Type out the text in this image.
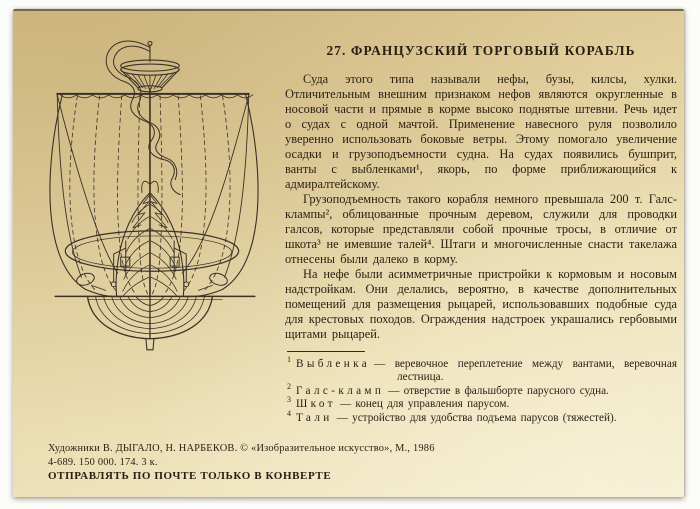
27. ФРАНЦУЗСКИЙ ТОРГОВЫЙ КОРАБЛЬ

Суда этого типа называли нефы, бузы, килсы, хулки. Отличительным внешним признаком нефов являются округленные в носовой части и прямые в корме высоко поднятые штевни. Речь идет о судах с одной мачтой. Применение навесного руля позволило уверенно использовать боковые ветры. Этому помогало увеличение осадки и грузоподъемности судна. На судах появились бушприт, ванты с выбленками¹, якорь, по форме приближающийся к адмиралтейскому.

Грузоподъемность такого корабля немного превышала 200 т. Галс-клампы², облицованные прочным деревом, служили для проводки галсов, которые представляли собой прочные тросы, в отличие от шкота³ не имевшие талей⁴. Штаги и многочисленные снасти такелажа отнесены были далеко в корму.

На нефе были асимметричные пристройки к кормовым и носовым надстройкам. Они делались, вероятно, в качестве дополнительных помещений для размещения рыцарей, использовавших подобные суда для крестовых походов. Ограждения надстроек украшались гербовыми щитами рыцарей.

$^1$ Выбленка — веревочное переплетение между вантами, веревочная лестница.
$^2$ Галс-кламп — отверстие в фальшборте парусного судна.
$^3$ Шкот — конец для управления парусом.
$^4$ Тали — устройство для удобства подъема парусов (тяжестей).
Художники В. ДЫГАЛО, Н. НАРБЕКОВ. © «Изобразительное искусство», М., 1986
4-689. 150 000. 174. 3 к.
ОТПРАВЛЯТЬ ПО ПОЧТЕ ТОЛЬКО В КОНВЕРТЕ
